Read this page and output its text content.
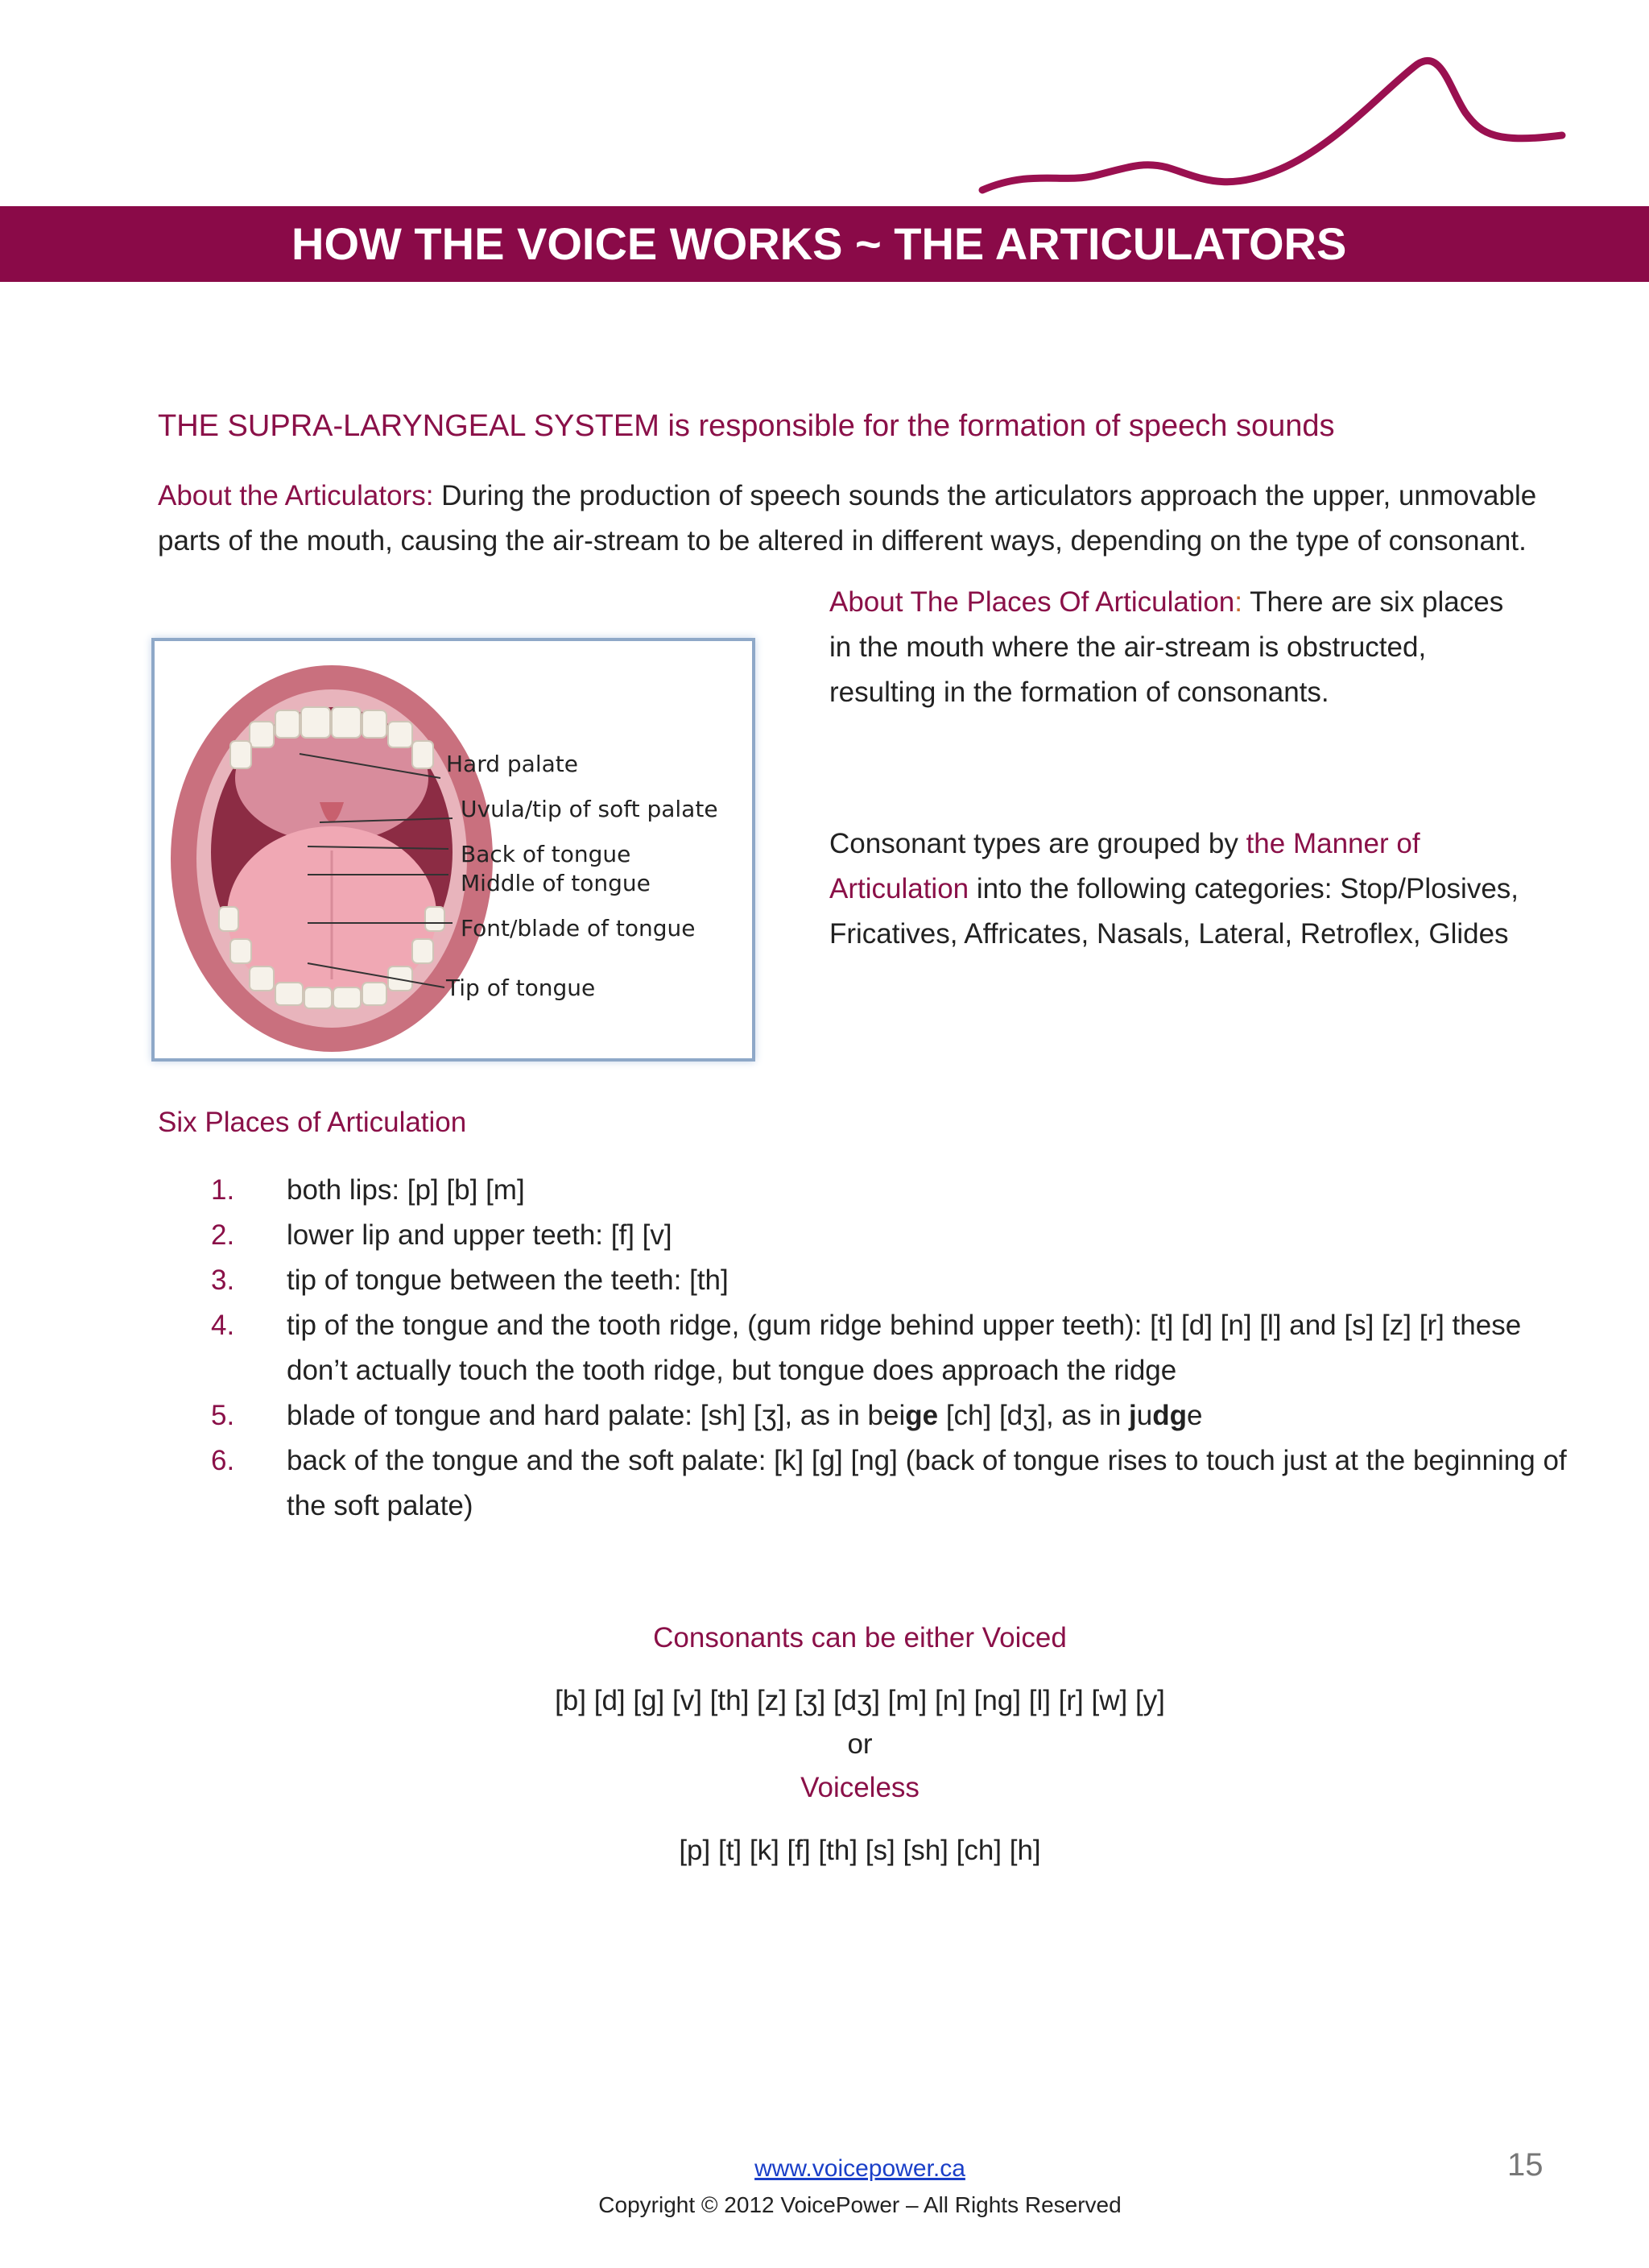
HOW THE VOICE WORKS ~ THE ARTICULATORS
THE SUPRA-LARYNGEAL SYSTEM is responsible for the formation of speech sounds
About the Articulators: During the production of speech sounds the articulators approach the upper, unmovable parts of the mouth, causing the air-stream to be altered in different ways, depending on the type of consonant.
Hard palate
Uvula/tip of soft palate
Back of tongue
Middle of tongue
Font/blade of tongue
Tip of tongue
About The Places Of Articulation: There are six places in the mouth where the air-stream is obstructed, resulting in the formation of consonants.
Consonant types are grouped by the Manner of Articulation into the following categories: Stop/Plosives, Fricatives, Affricates, Nasals, Lateral, Retroflex, Glides
Six Places of Articulation
1. both lips: [p] [b] [m]
2. lower lip and upper teeth: [f] [v]
3. tip of tongue between the teeth: [th]
4. tip of the tongue and the tooth ridge, (gum ridge behind upper teeth): [t] [d] [n] [l] and [s] [z] [r] these don’t actually touch the tooth ridge, but tongue does approach the ridge
5. blade of tongue and hard palate: [sh] [ʒ], as in beige [ch] [dʒ], as in judge
6. back of the tongue and the soft palate: [k] [g] [ng] (back of tongue rises to touch just at the beginning of the soft palate)
Consonants can be either Voiced
[b] [d] [g] [v] [th] [z] [ʒ] [dʒ] [m] [n] [ng] [l] [r] [w] [y]
or
Voiceless
[p] [t] [k] [f] [th] [s] [sh] [ch] [h]
www.voicepower.ca
Copyright © 2012 VoicePower – All Rights Reserved
15
